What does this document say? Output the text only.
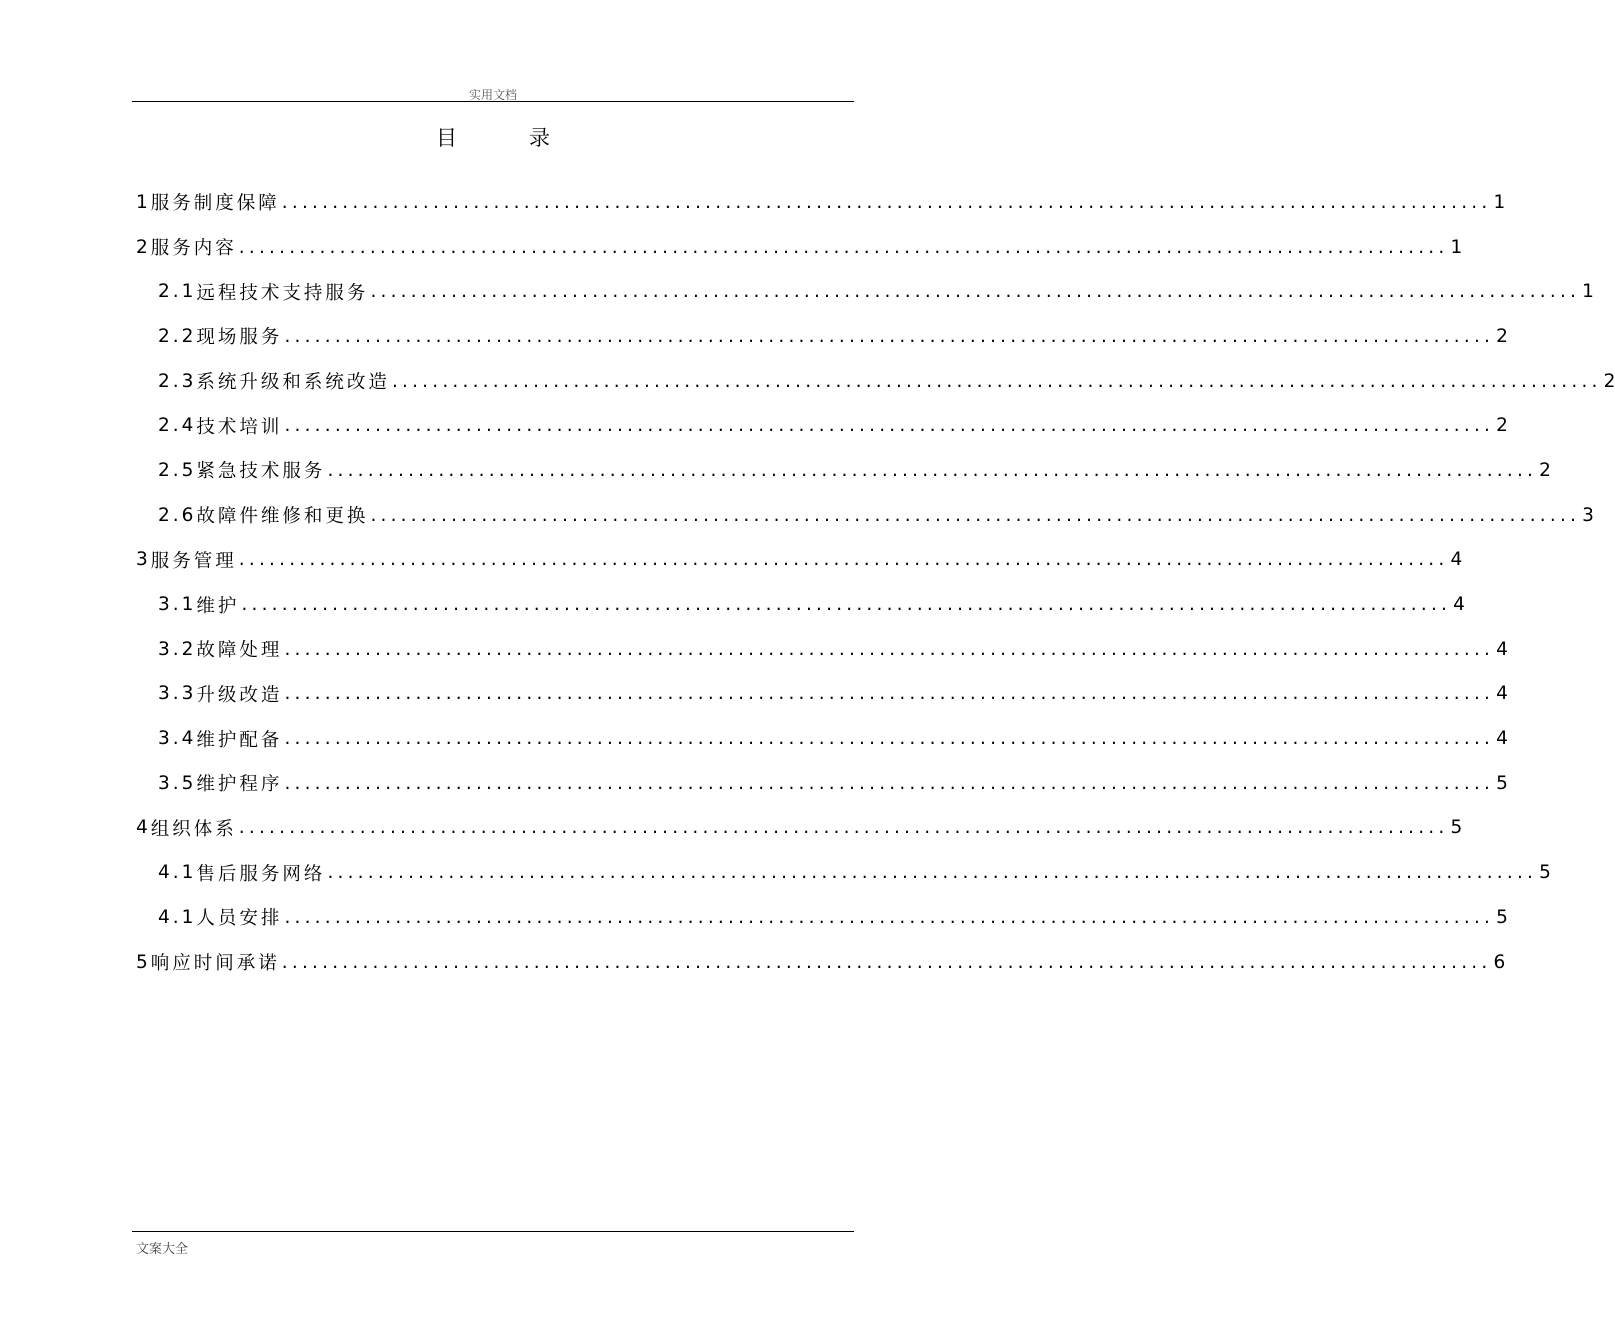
实用文档
目	录
1 服务制度保障 ........................................................................................................................ 1
2 服务内容 ........................................................................................................................ 1
2.1 远程技术支持服务 ........................................................................................................................ 1
2.2 现场服务 ........................................................................................................................ 2
2.3 系统升级和系统改造 ........................................................................................................................ 2
2.4 技术培训 ........................................................................................................................ 2
2.5 紧急技术服务 ........................................................................................................................ 2
2.6 故障件维修和更换 ........................................................................................................................ 3
3 服务管理 ........................................................................................................................ 4
3.1 维护 ........................................................................................................................ 4
3.2 故障处理 ........................................................................................................................ 4
3.3 升级改造 ........................................................................................................................ 4
3.4 维护配备 ........................................................................................................................ 4
3.5 维护程序 ........................................................................................................................ 5
4 组织体系 ........................................................................................................................ 5
4.1 售后服务网络 ........................................................................................................................ 5
4.1 人员安排 ........................................................................................................................ 5
5 响应时间承诺 ........................................................................................................................ 6
文案大全
